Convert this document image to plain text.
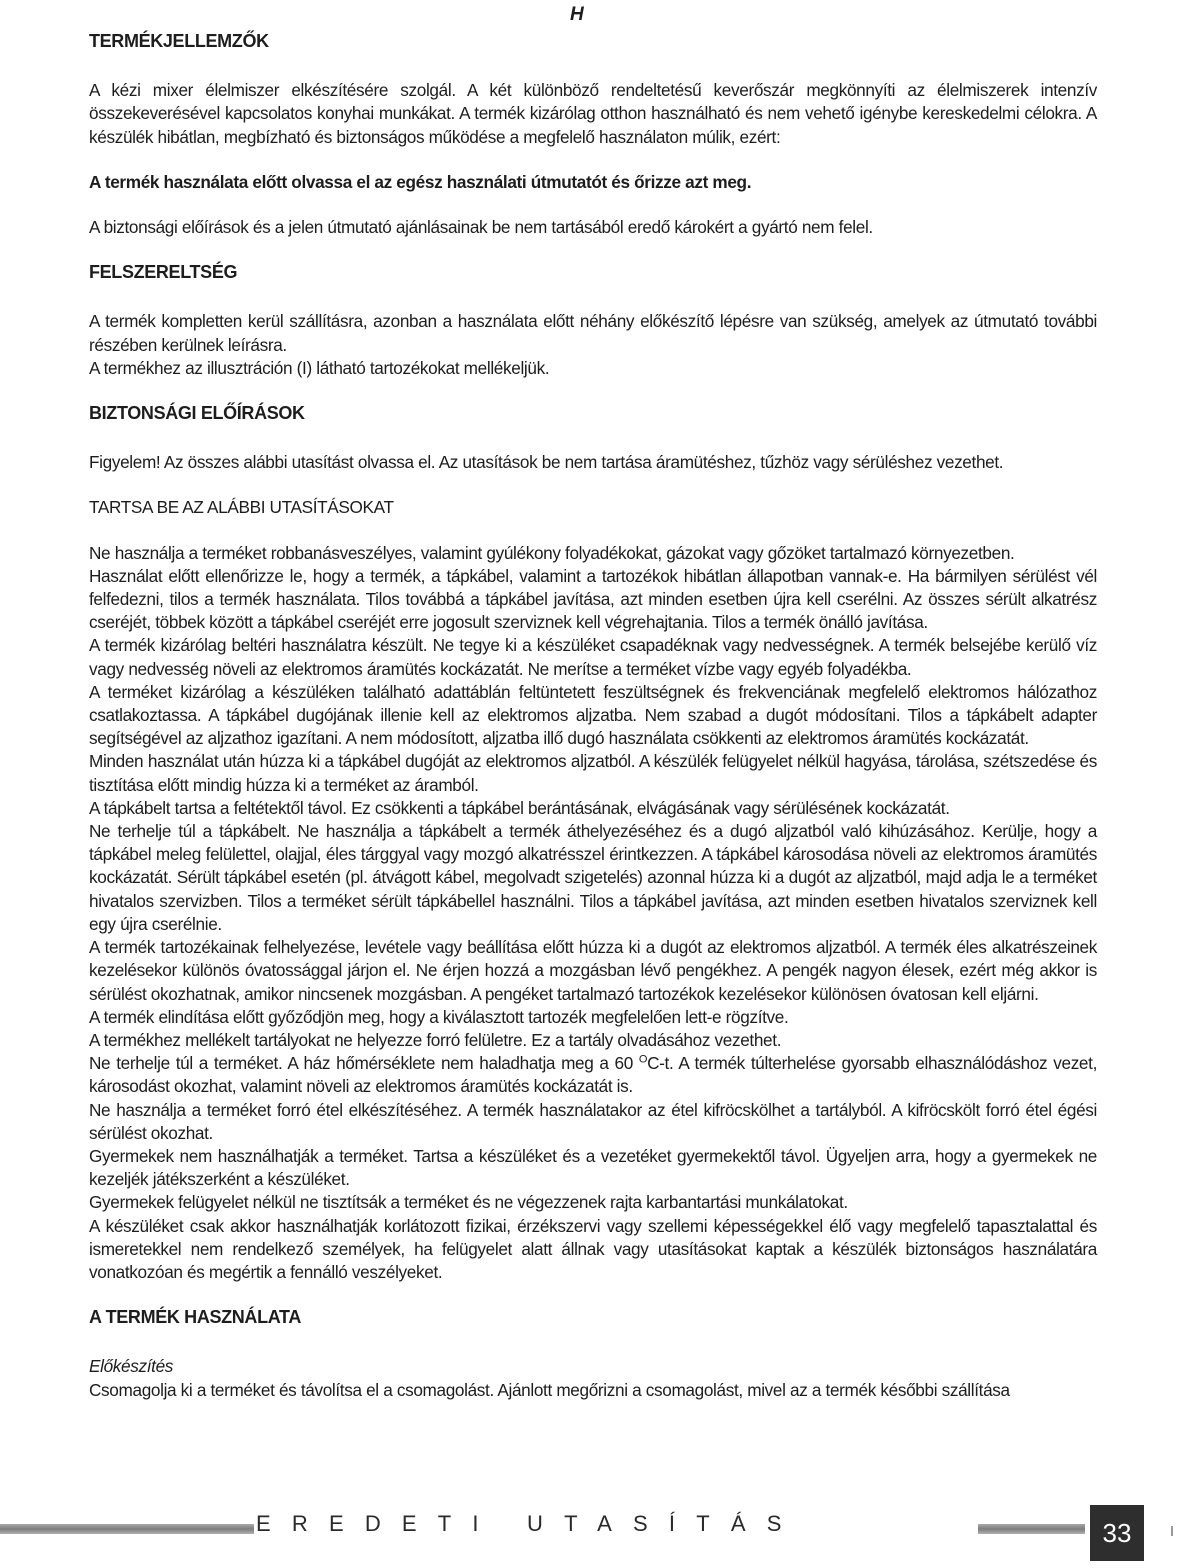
H
TERMÉKJELLEMZŐK

A kézi mixer élelmiszer elkészítésére szolgál. A két különböző rendeltetésű keverőszár megkönnyíti az élelmiszerek intenzív összekeverésével kapcsolatos konyhai munkákat. A termék kizárólag otthon használható és nem vehető igénybe kereskedelmi célokra. A készülék hibátlan, megbízható és biztonságos működése a megfelelő használaton múlik, ezért:

A termék használata előtt olvassa el az egész használati útmutatót és őrizze azt meg.

A biztonsági előírások és a jelen útmutató ajánlásainak be nem tartásából eredő károkért a gyártó nem felel.

FELSZERELTSÉG

A termék kompletten kerül szállításra, azonban a használata előtt néhány előkészítő lépésre van szükség, amelyek az útmutató további részében kerülnek leírásra.

A termékhez az illusztráción (I) látható tartozékokat mellékeljük.

BIZTONSÁGI ELŐÍRÁSOK

Figyelem! Az összes alábbi utasítást olvassa el. Az utasítások be nem tartása áramütéshez, tűzhöz vagy sérüléshez vezethet.

TARTSA BE AZ ALÁBBI UTASÍTÁSOKAT

Ne használja a terméket robbanásveszélyes, valamint gyúlékony folyadékokat, gázokat vagy gőzöket tartalmazó környezetben.

Használat előtt ellenőrizze le, hogy a termék, a tápkábel, valamint a tartozékok hibátlan állapotban vannak-e. Ha bármilyen sérülést vél felfedezni, tilos a termék használata. Tilos továbbá a tápkábel javítása, azt minden esetben újra kell cserélni. Az összes sérült alkatrész cseréjét, többek között a tápkábel cseréjét erre jogosult szerviznek kell végrehajtania. Tilos a termék önálló javítása.

A termék kizárólag beltéri használatra készült. Ne tegye ki a készüléket csapadéknak vagy nedvességnek. A termék belsejébe kerülő víz vagy nedvesség növeli az elektromos áramütés kockázatát. Ne merítse a terméket vízbe vagy egyéb folyadékba.

A terméket kizárólag a készüléken található adattáblán feltüntetett feszültségnek és frekvenciának megfelelő elektromos hálózathoz csatlakoztassa. A tápkábel dugójának illenie kell az elektromos aljzatba. Nem szabad a dugót módosítani. Tilos a tápkábelt adapter segítségével az aljzathoz igazítani. A nem módosított, aljzatba illő dugó használata csökkenti az elektromos áramütés kockázatát.

Minden használat után húzza ki a tápkábel dugóját az elektromos aljzatból. A készülék felügyelet nélkül hagyása, tárolása, szétszedése és tisztítása előtt mindig húzza ki a terméket az áramból.

A tápkábelt tartsa a feltétektől távol. Ez csökkenti a tápkábel berántásának, elvágásának vagy sérülésének kockázatát.

Ne terhelje túl a tápkábelt. Ne használja a tápkábelt a termék áthelyezéséhez és a dugó aljzatból való kihúzásához. Kerülje, hogy a tápkábel meleg felülettel, olajjal, éles tárggyal vagy mozgó alkatrésszel érintkezzen. A tápkábel károsodása növeli az elektromos áramütés kockázatát. Sérült tápkábel esetén (pl. átvágott kábel, megolvadt szigetelés) azonnal húzza ki a dugót az aljzatból, majd adja le a terméket hivatalos szervizben. Tilos a terméket sérült tápkábellel használni. Tilos a tápkábel javítása, azt minden esetben hivatalos szerviznek kell egy újra cserélnie.

A termék tartozékainak felhelyezése, levétele vagy beállítása előtt húzza ki a dugót az elektromos aljzatból. A termék éles alkatrészeinek kezelésekor különös óvatossággal járjon el. Ne érjen hozzá a mozgásban lévő pengékhez. A pengék nagyon élesek, ezért még akkor is sérülést okozhatnak, amikor nincsenek mozgásban. A pengéket tartalmazó tartozékok kezelésekor különösen óvatosan kell eljárni.

A termék elindítása előtt győződjön meg, hogy a kiválasztott tartozék megfelelően lett-e rögzítve.

A termékhez mellékelt tartályokat ne helyezze forró felületre. Ez a tartály olvadásához vezethet.

Ne terhelje túl a terméket. A ház hőmérséklete nem haladhatja meg a 60 $^O$C-t. A termék túlterhelése gyorsabb elhasználódáshoz vezet, károsodást okozhat, valamint növeli az elektromos áramütés kockázatát is.

Ne használja a terméket forró étel elkészítéséhez. A termék használatakor az étel kifröcskölhet a tartályból. A kifröcskölt forró étel égési sérülést okozhat.

Gyermekek nem használhatják a terméket. Tartsa a készüléket és a vezetéket gyermekektől távol. Ügyeljen arra, hogy a gyermekek ne kezeljék játékszerként a készüléket.

Gyermekek felügyelet nélkül ne tisztítsák a terméket és ne végezzenek rajta karbantartási munkálatokat.

A készüléket csak akkor használhatják korlátozott fizikai, érzékszervi vagy szellemi képességekkel élő vagy megfelelő tapasztalattal és ismeretekkel nem rendelkező személyek, ha felügyelet alatt állnak vagy utasításokat kaptak a készülék biztonságos használatára vonatkozóan és megértik a fennálló veszélyeket.

A TERMÉK HASZNÁLATA

Előkészítés

Csomagolja ki a terméket és távolítsa el a csomagolást. Ajánlott megőrizni a csomagolást, mivel az a termék későbbi szállítása

EREDETI UTASÍTÁS	33
